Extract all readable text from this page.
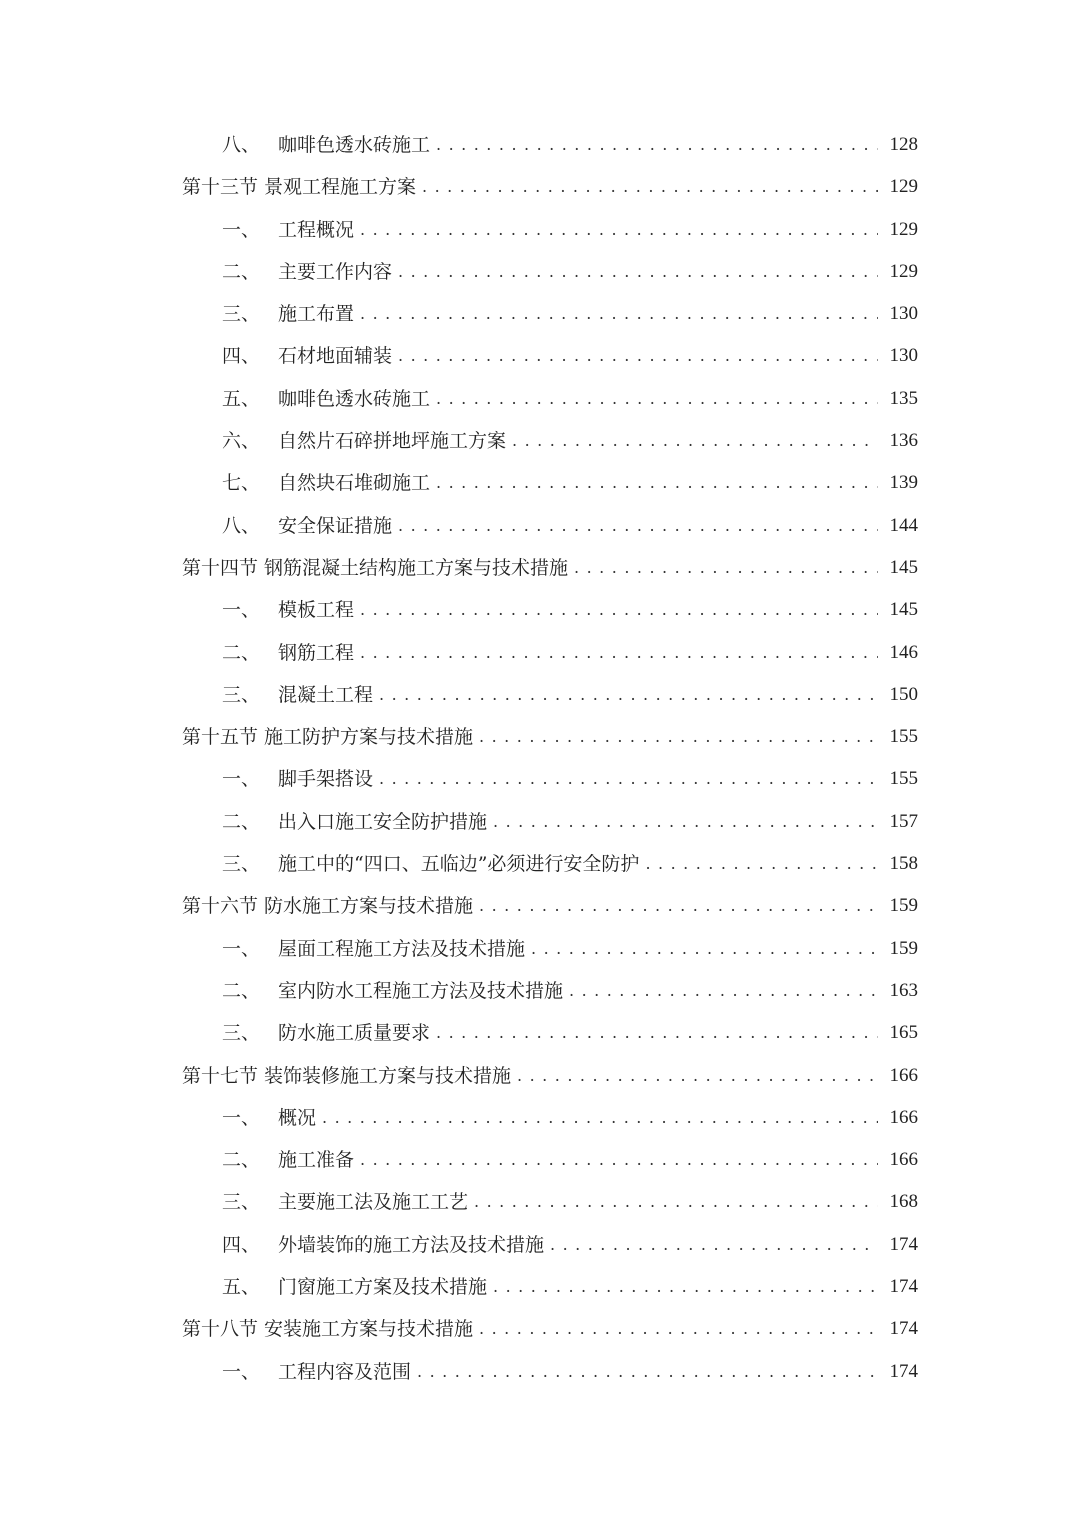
八、 咖啡色透水砖施工 . . .	128
第十三节 景观工程施工方案 . . .	129
一、 工程概况 . . .	129
二、 主要工作内容 . . .	129
三、 施工布置 . . .	130
四、 石材地面辅装 . . .	130
五、 咖啡色透水砖施工 . . .	135
六、 自然片石碎拼地坪施工方案 . . .	136
七、 自然块石堆砌施工 . . .	139
八、 安全保证措施 . . .	144
第十四节 钢筋混凝土结构施工方案与技术措施 . . .	145
一、 模板工程 . . .	145
二、 钢筋工程 . . .	146
三、 混凝土工程 . . .	150
第十五节 施工防护方案与技术措施 . . .	155
一、 脚手架搭设 . . .	155
二、 出入口施工安全防护措施 . . .	157
三、 施工中的“四口、五临边”必须进行安全防护 . . .	158
第十六节 防水施工方案与技术措施 . . .	159
一、 屋面工程施工方法及技术措施 . . .	159
二、 室内防水工程施工方法及技术措施 . . .	163
三、 防水施工质量要求 . . .	165
第十七节 装饰装修施工方案与技术措施 . . .	166
一、 概况 . . .	166
二、 施工准备 . . .	166
三、 主要施工法及施工工艺 . . .	168
四、 外墙装饰的施工方法及技术措施 . . .	174
五、 门窗施工方案及技术措施 . . .	174
第十八节 安装施工方案与技术措施 . . .	174
一、 工程内容及范围 . . .	174
